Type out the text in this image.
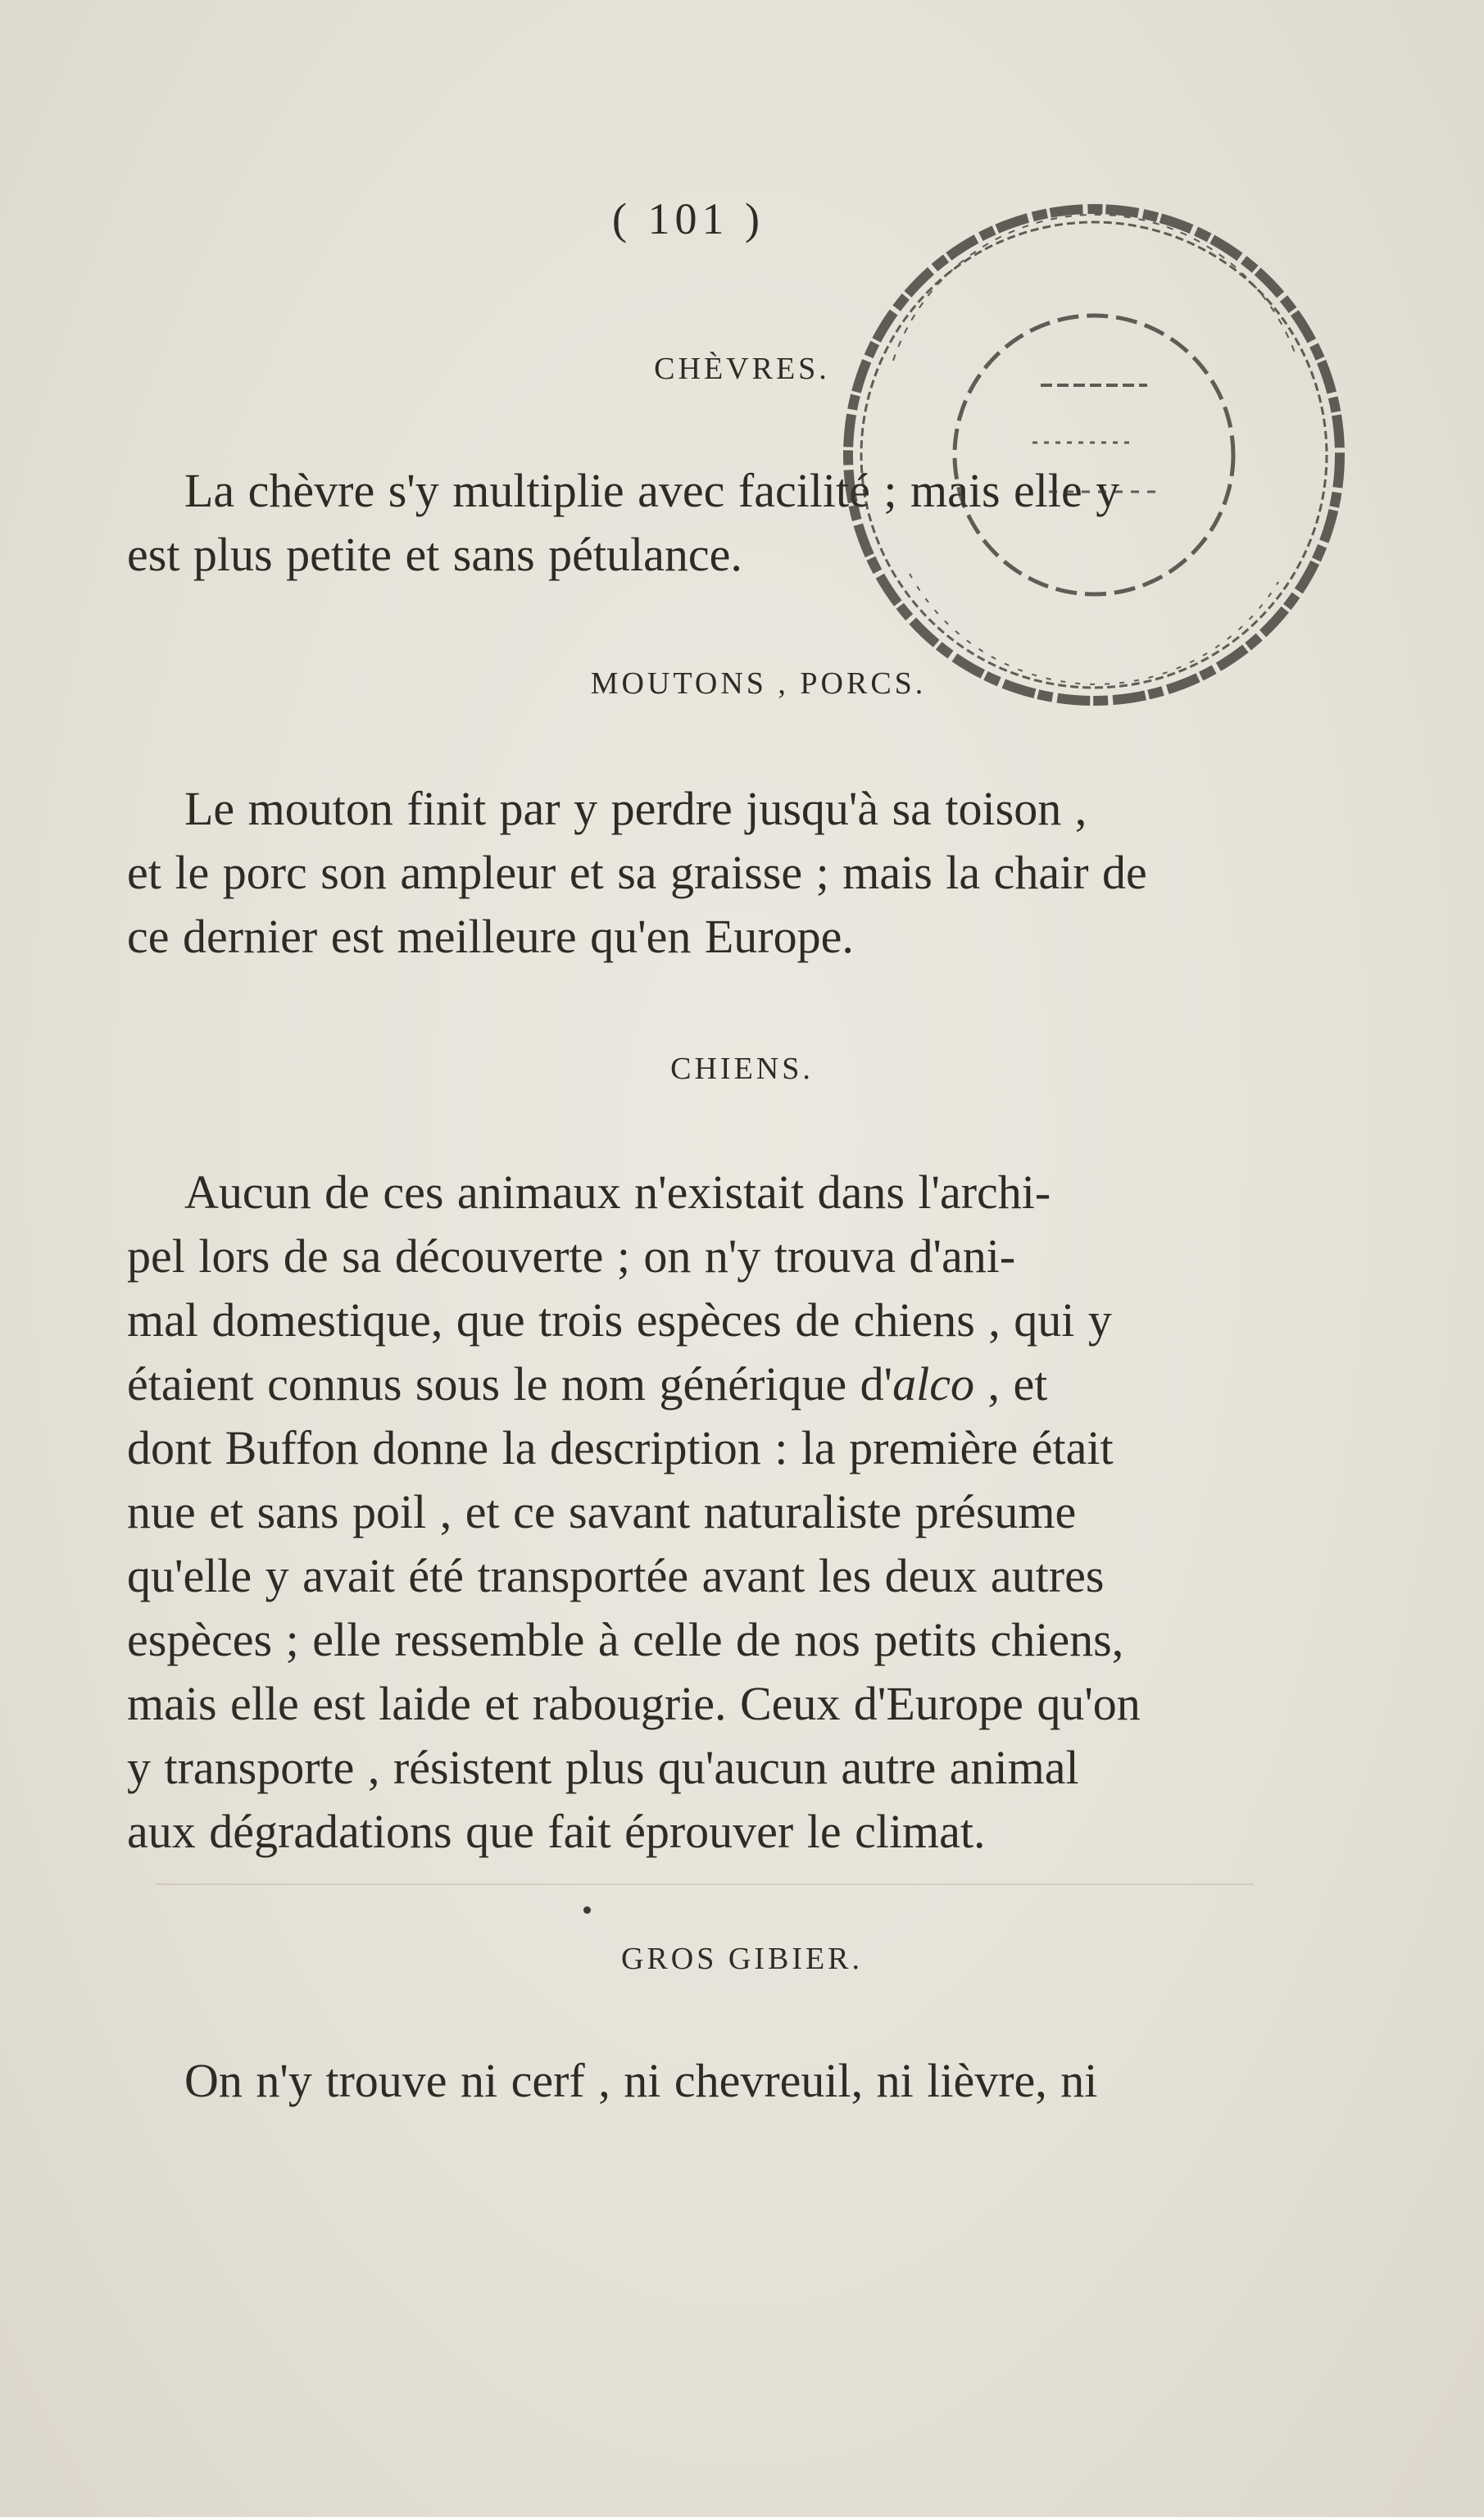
( 101 )
CHÈVRES.

La chèvre s'y multiplie avec facilité ; mais elle y

est plus petite et sans pétulance.

MOUTONS , PORCS.

Le mouton finit par y perdre jusqu'à sa toison ,

et le porc son ampleur et sa graisse ; mais la chair de

ce dernier est meilleure qu'en Europe.

CHIENS.

Aucun de ces animaux n'existait dans l'archi-

pel lors de sa découverte ; on n'y trouva d'ani-

mal domestique, que trois espèces de chiens , qui y

étaient connus sous le nom générique d'alco , et

dont Buffon donne la description : la première était

nue et sans poil , et ce savant naturaliste présume

qu'elle y avait été transportée avant les deux autres

espèces ; elle ressemble à celle de nos petits chiens,

mais elle est laide et rabougrie. Ceux d'Europe qu'on

y transporte , résistent plus qu'aucun autre animal

aux dégradations que fait éprouver le climat.

GROS GIBIER.

On n'y trouve ni cerf , ni chevreuil, ni lièvre, ni
